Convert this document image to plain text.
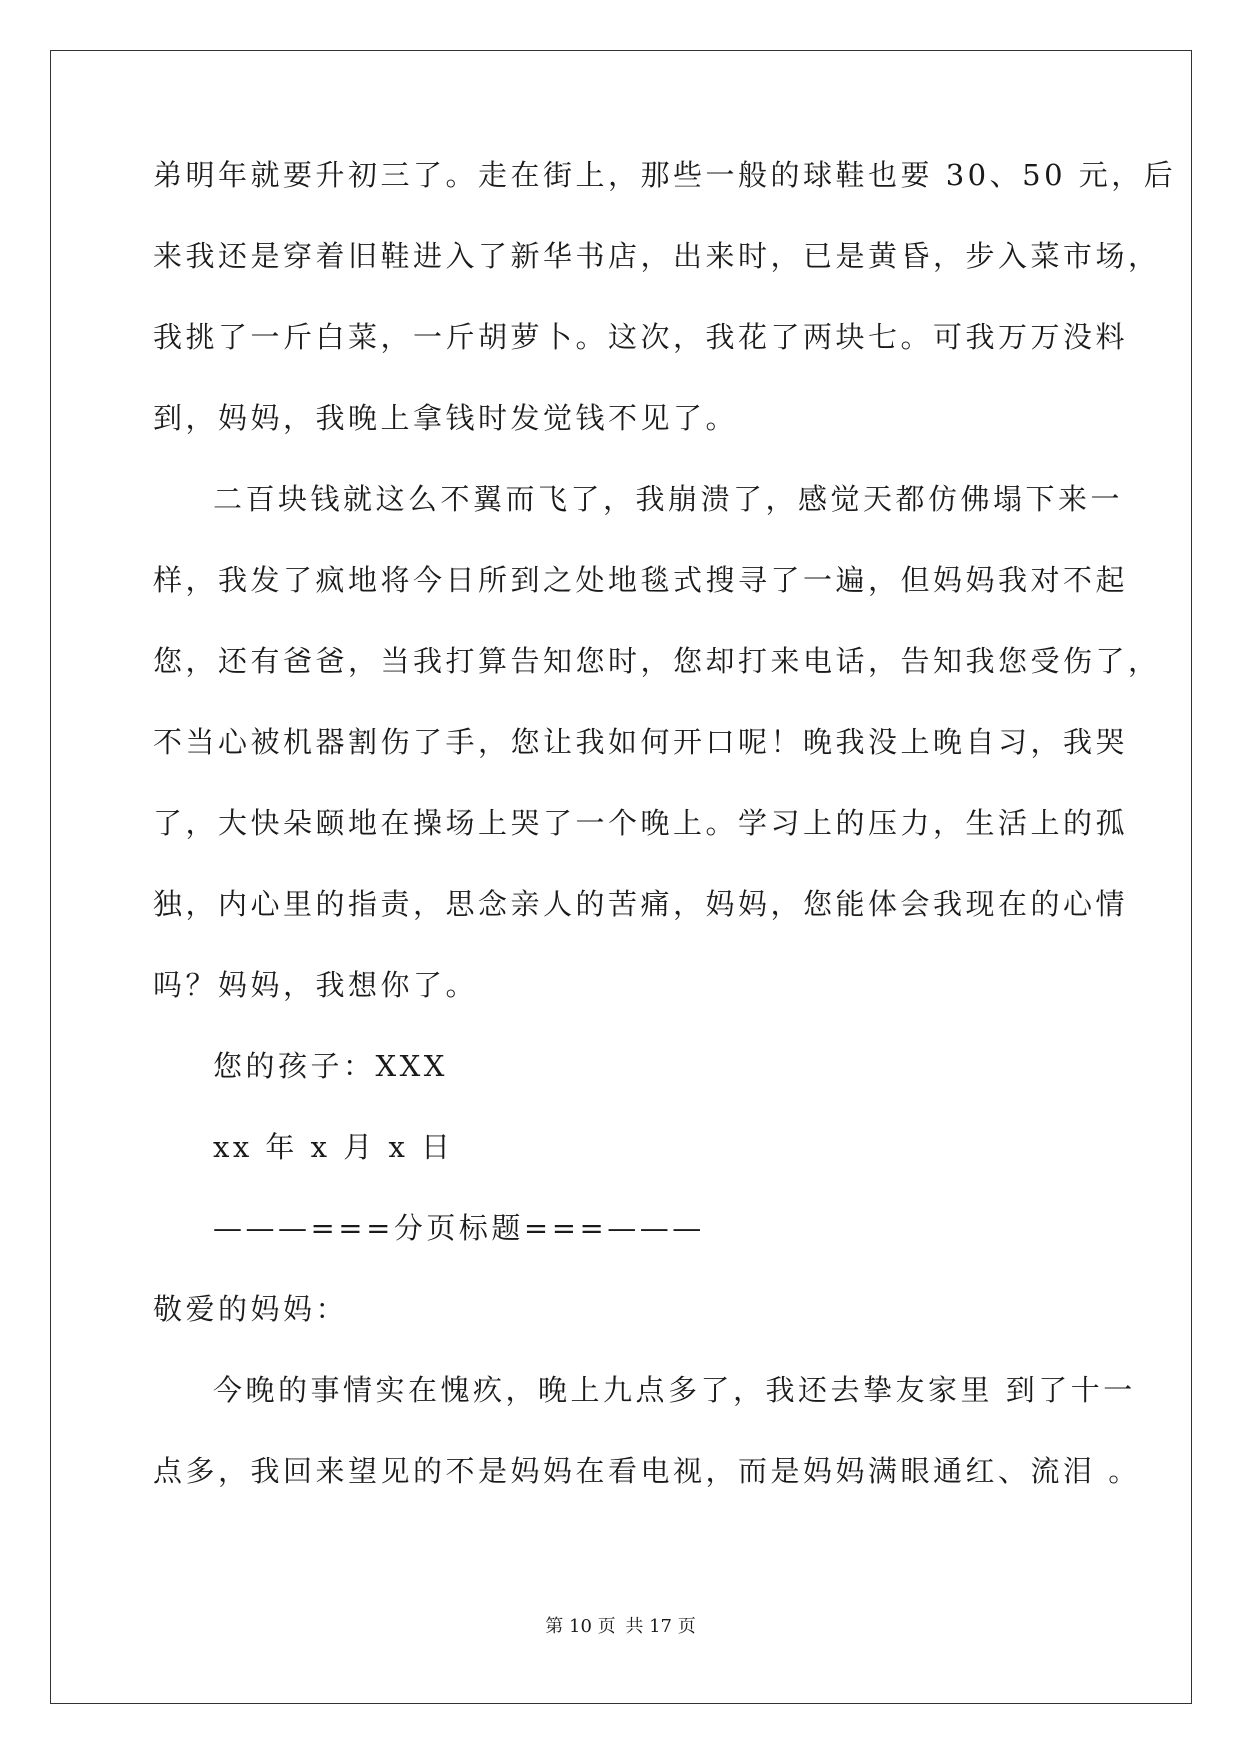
弟明年就要升初三了。走在街上，那些一般的球鞋也要 30、50 元，后
来我还是穿着旧鞋进入了新华书店，出来时，已是黄昏，步入菜市场，
我挑了一斤白菜，一斤胡萝卜。这次，我花了两块七。可我万万没料
到，妈妈，我晚上拿钱时发觉钱不见了。
二百块钱就这么不翼而飞了，我崩溃了，感觉天都仿佛塌下来一
样，我发了疯地将今日所到之处地毯式搜寻了一遍，但妈妈我对不起
您，还有爸爸，当我打算告知您时，您却打来电话，告知我您受伤了，
不当心被机器割伤了手，您让我如何开口呢！晚我没上晚自习，我哭
了，大快朵颐地在操场上哭了一个晚上。学习上的压力，生活上的孤
独，内心里的指责，思念亲人的苦痛，妈妈，您能体会我现在的心情
吗？妈妈，我想你了。
您的孩子：XXX
xx 年 x 月 x 日
———===分页标题===———
敬爱的妈妈：
今晚的事情实在愧疚，晚上九点多了，我还去挚友家里 到了十一
点多，我回来望见的不是妈妈在看电视，而是妈妈满眼通红、流泪 。
第 10 页 共 17 页
